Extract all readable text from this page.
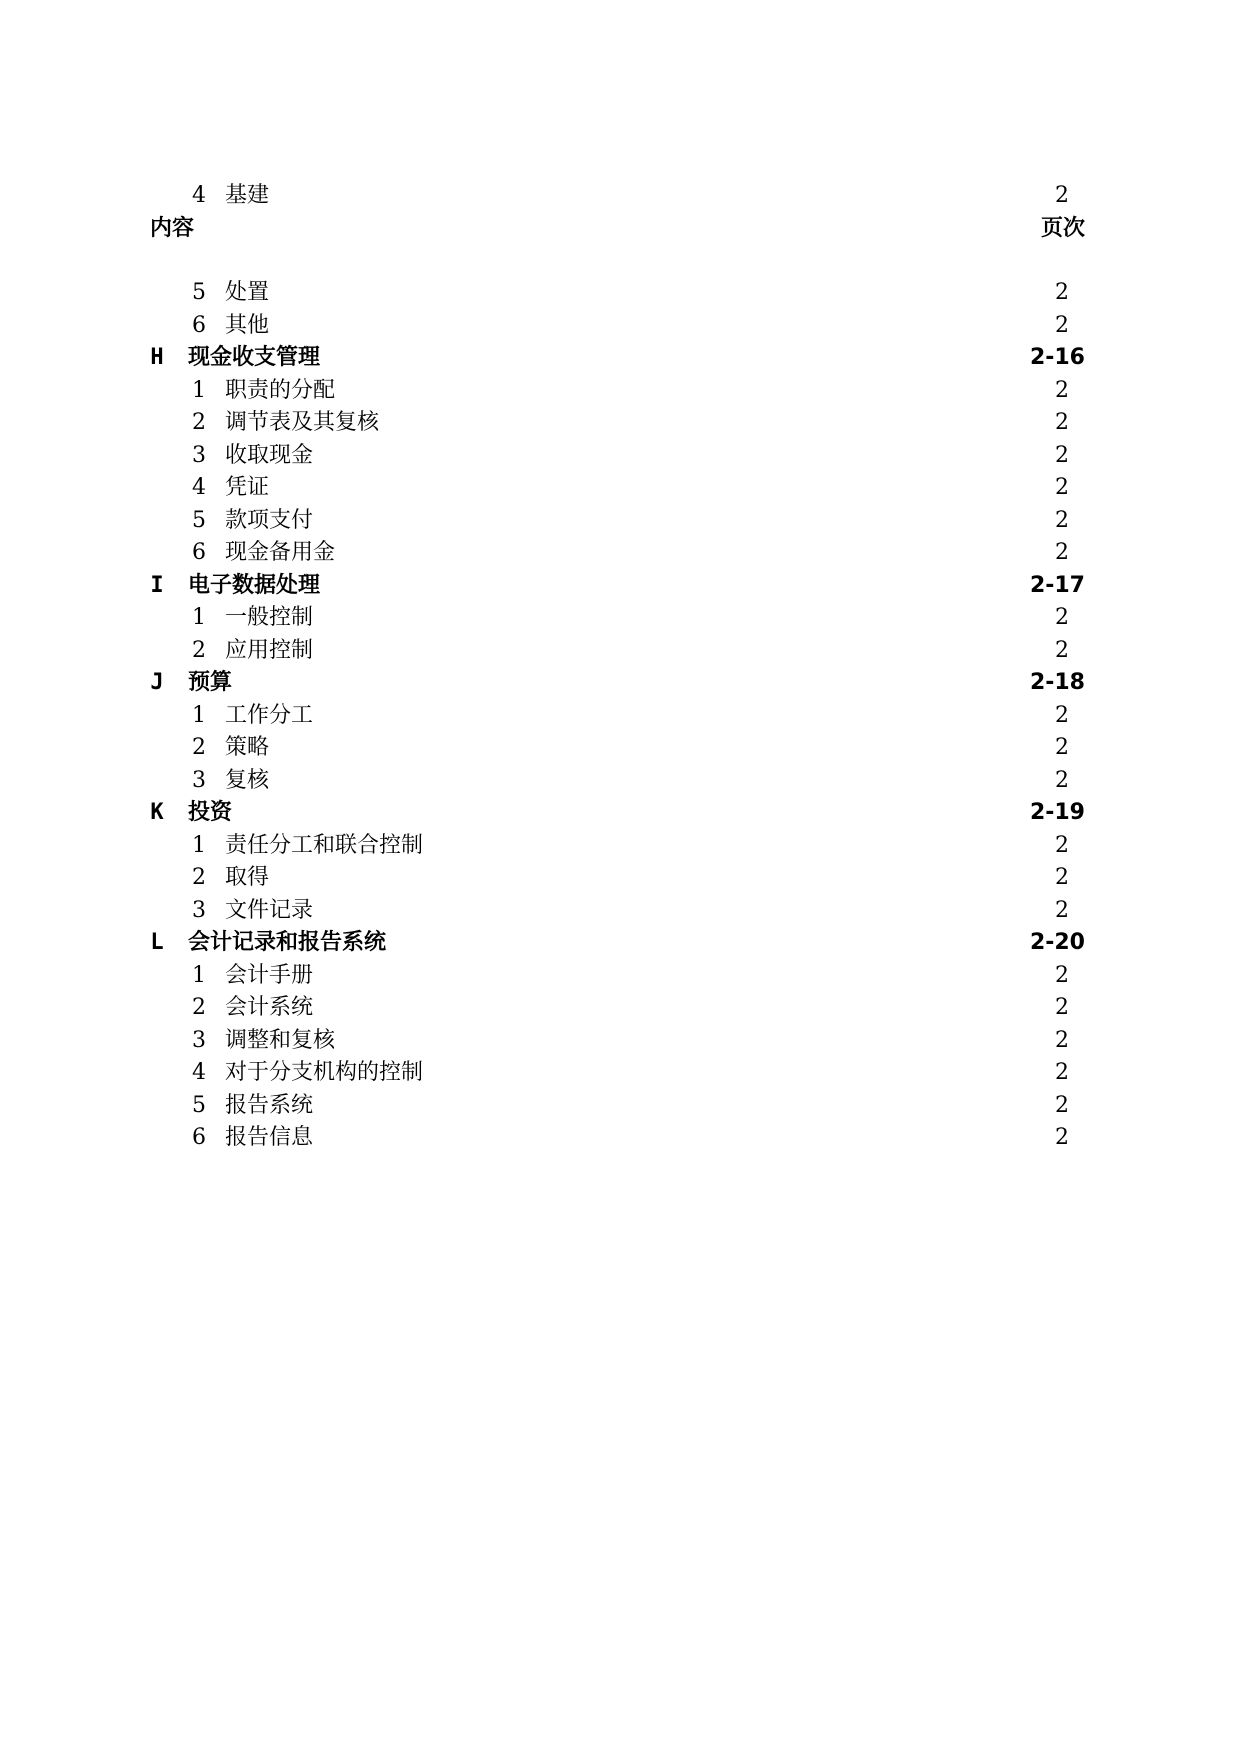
4 基建	2
内容	页次
5 处置	2
6 其他	2
H 现金收支管理	2-16
1 职责的分配	2
2 调节表及其复核	2
3 收取现金	2
4 凭证	2
5 款项支付	2
6 现金备用金	2
I 电子数据处理	2-17
1 一般控制	2
2 应用控制	2
J 预算	2-18
1 工作分工	2
2 策略	2
3 复核	2
K 投资	2-19
1 责任分工和联合控制	2
2 取得	2
3 文件记录	2
L 会计记录和报告系统	2-20
1 会计手册	2
2 会计系统	2
3 调整和复核	2
4 对于分支机构的控制	2
5 报告系统	2
6 报告信息	2
